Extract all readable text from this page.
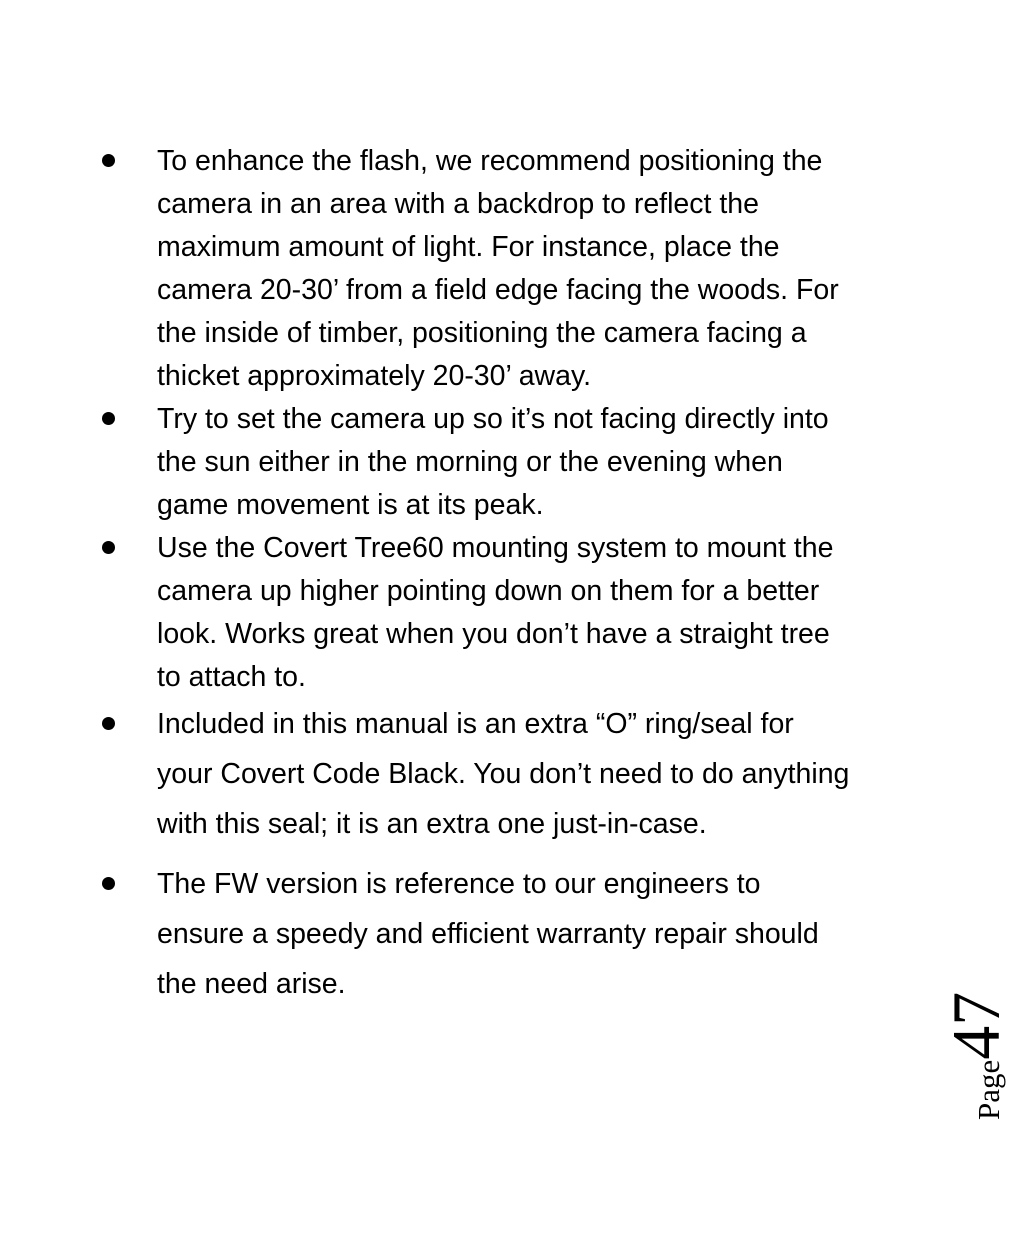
To enhance the flash, we recommend positioning the camera in an area with a backdrop to reflect the maximum amount of light. For instance, place the camera 20-30’ from a field edge facing the woods. For the inside of timber, positioning the camera facing a thicket approximately 20-30’ away.
Try to set the camera up so it’s not facing directly into the sun either in the morning or the evening when game movement is at its peak.
Use the Covert Tree60 mounting system to mount the camera up higher pointing down on them for a better look. Works great when you don’t have a straight tree to attach to.
Included in this manual is an extra “O” ring/seal for your Covert Code Black. You don’t need to do anything with this seal; it is an extra one just-in-case.
The FW version is reference to our engineers to ensure a speedy and efficient warranty repair should the need arise.
Page47
